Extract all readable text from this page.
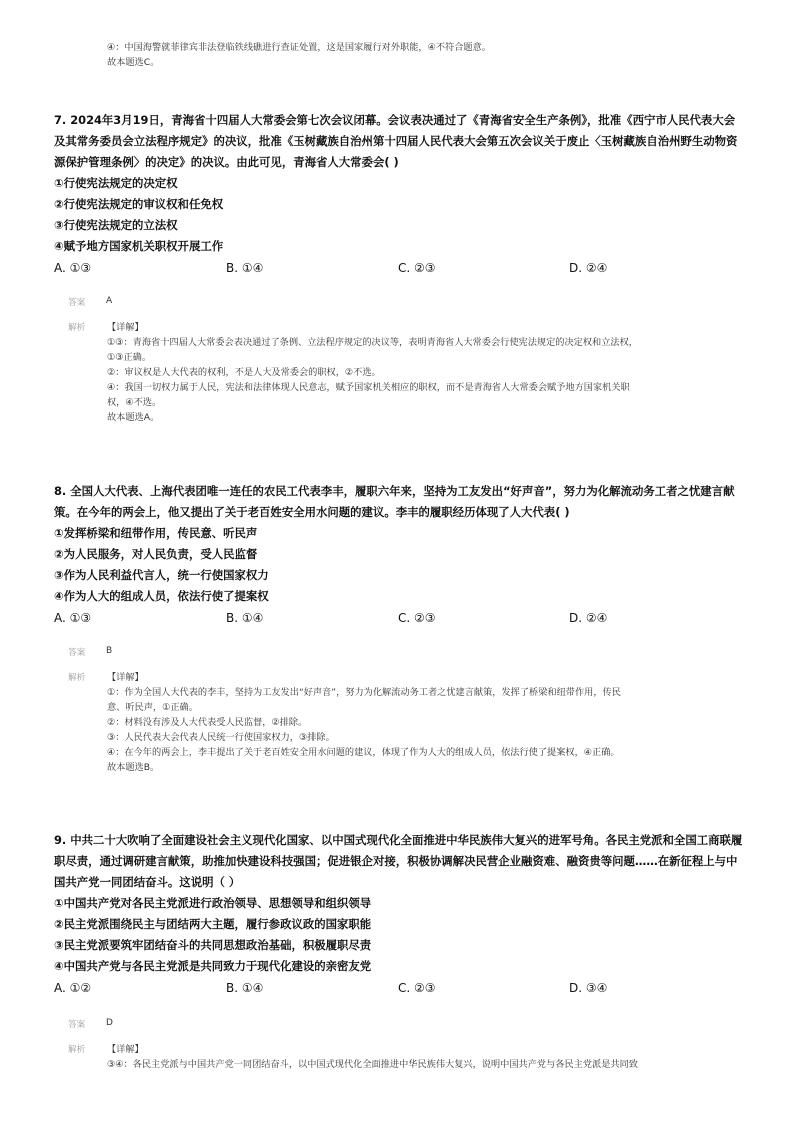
④：中国海警就菲律宾非法登临铁线礁进行查证处置，这是国家履行对外职能，④不符合题意。
故本题选C。
7. 2024年3月19日，青海省十四届人大常委会第七次会议闭幕。会议表决通过了《青海省安全生产条例》，批准《西宁市人民代表大会及其常务委员会立法程序规定》的决议，批准《玉树藏族自治州第十四届人民代表大会第五次会议关于废止〈玉树藏族自治州野生动物资源保护管理条例〉的决定》的决议。由此可见，青海省人大常委会( )
①行使宪法规定的决定权
②行使宪法规定的审议权和任免权
③行使宪法规定的立法权
④赋予地方国家机关职权开展工作
A. ①③	B. ①④	C. ②③	D. ②④
答案 A
解析 【详解】
①③：青海省十四届人大常委会表决通过了条例、立法程序规定的决议等，表明青海省人大常委会行使宪法规定的决定权和立法权，
①③正确。
②：审议权是人大代表的权利，不是人大及常委会的职权，②不选。
④：我国一切权力属于人民，宪法和法律体现人民意志，赋予国家机关相应的职权，而不是青海省人大常委会赋予地方国家机关职
权，④不选。
故本题选A。
8. 全国人大代表、上海代表团唯一连任的农民工代表李丰，履职六年来，坚持为工友发出“好声音”，努力为化解流动务工者之忧建言献策。在今年的两会上，他又提出了关于老百姓安全用水问题的建议。李丰的履职经历体现了人大代表( )
①发挥桥梁和纽带作用，传民意、听民声
②为人民服务，对人民负责，受人民监督
③作为人民利益代言人，统一行使国家权力
④作为人大的组成人员，依法行使了提案权
A. ①③	B. ①④	C. ②③	D. ②④
答案 B
解析 【详解】
①：作为全国人大代表的李丰，坚持为工友发出“好声音”，努力为化解流动务工者之忧建言献策，发挥了桥梁和纽带作用，传民
意、听民声，①正确。
②：材料没有涉及人大代表受人民监督，②排除。
③：人民代表大会代表人民统一行使国家权力，③排除。
④：在今年的两会上，李丰提出了关于老百姓安全用水问题的建议，体现了作为人大的组成人员，依法行使了提案权，④正确。
故本题选B。
9. 中共二十大吹响了全面建设社会主义现代化国家、以中国式现代化全面推进中华民族伟大复兴的进军号角。各民主党派和全国工商联履职尽责，通过调研建言献策，助推加快建设科技强国；促进银企对接，积极协调解决民营企业融资难、融资贵等问题……在新征程上与中国共产党一同团结奋斗。这说明（ ）
①中国共产党对各民主党派进行政治领导、思想领导和组织领导
②民主党派围绕民主与团结两大主题，履行参政议政的国家职能
③民主党派要筑牢团结奋斗的共同思想政治基础，积极履职尽责
④中国共产党与各民主党派是共同致力于现代化建设的亲密友党
A. ①②	B. ①④	C. ②③	D. ③④
答案 D
解析 【详解】
③④：各民主党派与中国共产党一同团结奋斗，以中国式现代化全面推进中华民族伟大复兴，说明中国共产党与各民主党派是共同致
